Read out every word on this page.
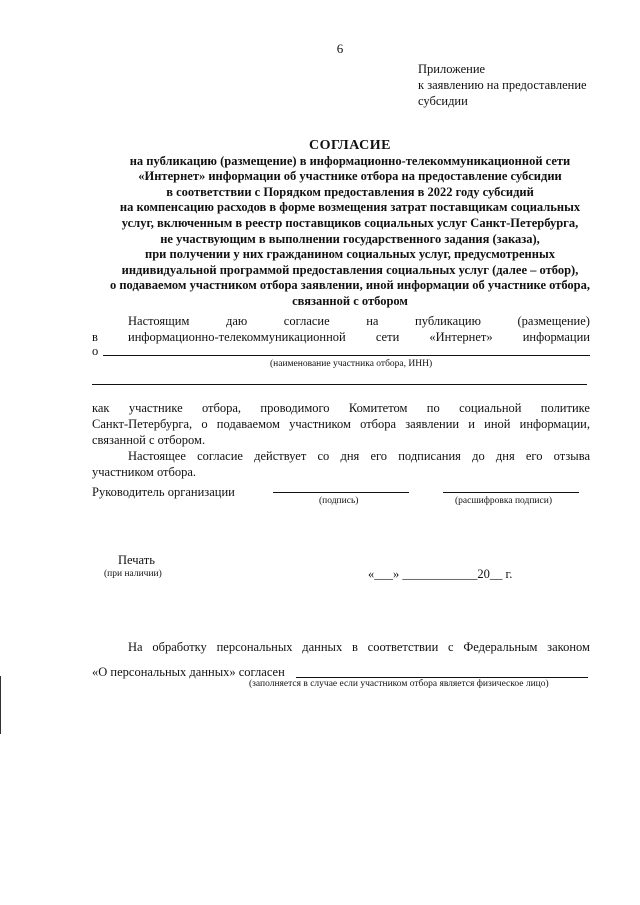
6
Приложение
к заявлению на предоставление
субсидии
СОГЛАСИЕ
на публикацию (размещение) в информационно-телекоммуникационной сети
«Интернет» информации об участнике отбора на предоставление субсидии
в соответствии с Порядком предоставления в 2022 году субсидий
на компенсацию расходов в форме возмещения затрат поставщикам социальных
услуг, включенным в реестр поставщиков социальных услуг Санкт-Петербурга,
не участвующим в выполнении государственного задания (заказа),
при получении у них гражданином социальных услуг, предусмотренных
индивидуальной программой предоставления социальных услуг (далее – отбор),
о подаваемом участником отбора заявлении, иной информации об участнике отбора,
связанной с отбором
Настоящим	даю	согласие	на	публикацию	(размещение)
в информационно-телекоммуникационной сети «Интернет» информации
о
(наименование участника отбора, ИНН)
как участнике отбора, проводимого Комитетом по социальной политике
Санкт-Петербурга, о подаваемом участником отбора заявлении и иной информации,
связанной с отбором.
Настоящее согласие действует со дня его подписания до дня его отзыва
участником отбора.
Руководитель организации
(подпись)	(расшифровка подписи)
Печать
(при наличии)	«___» ____________20__ г.
На обработку персональных данных в соответствии с Федеральным законом
«О персональных данных» согласен
(заполняется в случае если участником отбора является физическое лицо)
